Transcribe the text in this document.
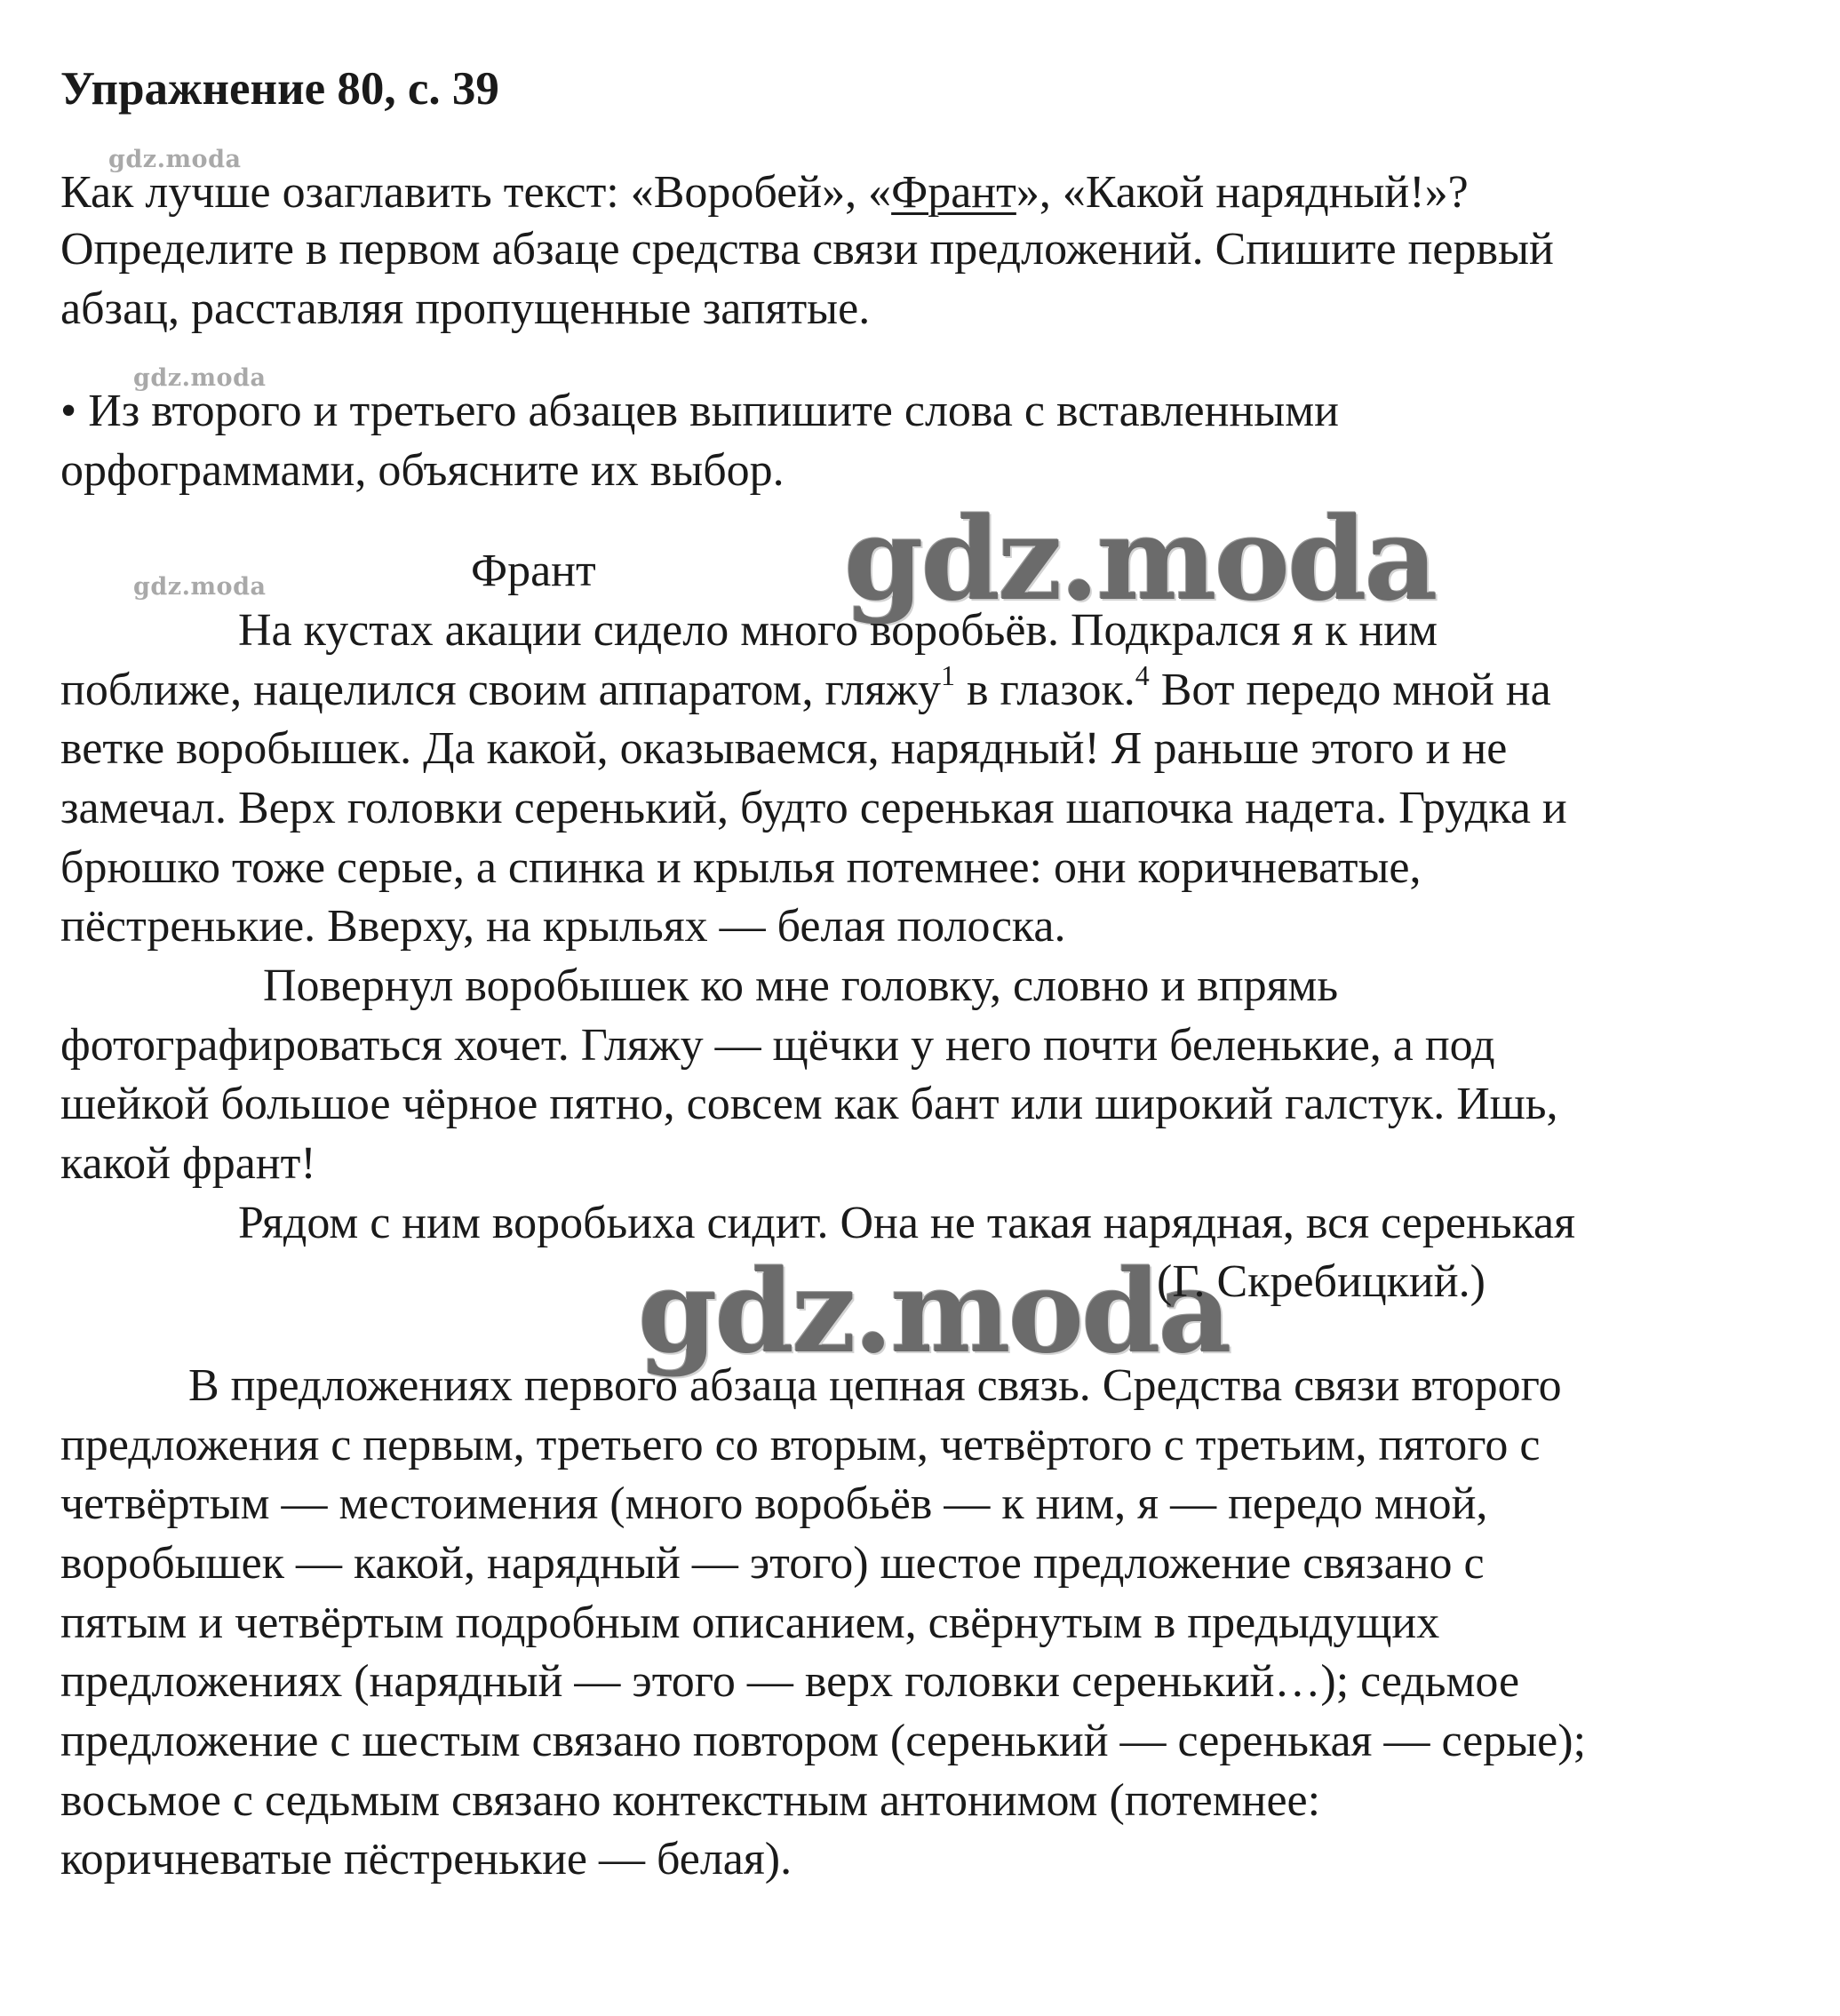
gdz.moda
gdz.moda
gdz.moda	gdz.moda
gdz.moda
Упражнение 80, с. 39
Как лучше озаглавить текст: «Воробей», «Франт», «Какой нарядный!»?
Определите в первом абзаце средства связи предложений. Спишите первый
абзац, расставляя пропущенные запятые.
• Из второго и третьего абзацев выпишите слова с вставленными
орфограммами, объясните их выбор.
Франт
На кустах акации сидело много воробьёв. Подкрался я к ним
поближе, нацелился своим аппаратом, гляжу$^1$ в глазок.$^4$ Вот передо мной на
ветке воробышек. Да какой, оказываемся, нарядный! Я раньше этого и не
замечал. Верх головки серенький, будто серенькая шапочка надета. Грудка и
брюшко тоже серые, а спинка и крылья потемнее: они коричневатые,
пёстренькие. Вверху, на крыльях — белая полоска.
Повернул воробышек ко мне головку, словно и впрямь
фотографироваться хочет. Гляжу — щёчки у него почти беленькие, а под
шейкой большое чёрное пятно, совсем как бант или широкий галстук. Ишь,
какой франт!
Рядом с ним воробьиха сидит. Она не такая нарядная, вся серенькая
(Г. Скребицкий.)
В предложениях первого абзаца цепная связь. Средства связи второго
предложения с первым, третьего со вторым, четвёртого с третьим, пятого с
четвёртым — местоимения (много воробьёв — к ним, я — передо мной,
воробышек — какой, нарядный — этого) шестое предложение связано с
пятым и четвёртым подробным описанием, свёрнутым в предыдущих
предложениях (нарядный — этого — верх головки серенький…); седьмое
предложение с шестым связано повтором (серенький — серенькая — серые);
восьмое с седьмым связано контекстным антонимом (потемнее:
коричневатые пёстренькие — белая).
